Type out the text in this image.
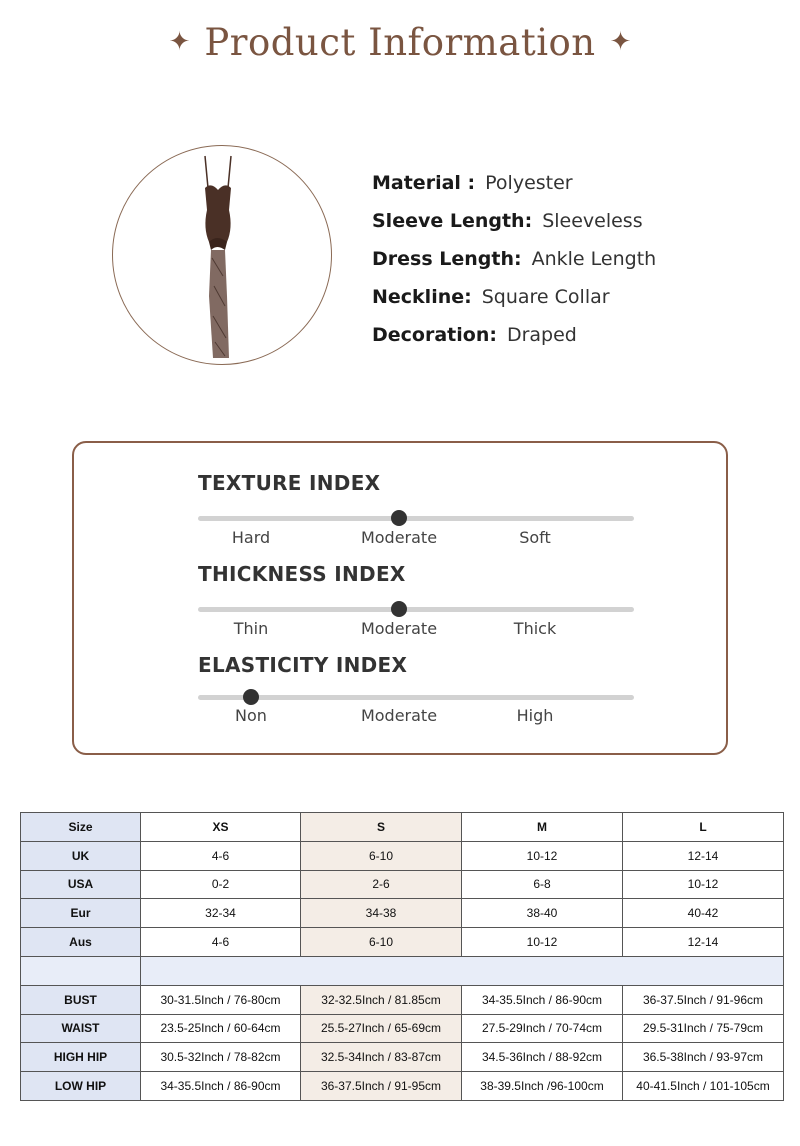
✦ Product Information ✦
Material : Polyester
Sleeve Length: Sleeveless
Dress Length: Ankle Length
Neckline: Square Collar
Decoration: Draped
TEXTURE INDEX
Hard	Moderate	Soft
THICKNESS INDEX
Thin	Moderate	Thick
ELASTICITY INDEX
Non	Moderate	High
Size	XS	S	M	L
UK	4-6	6-10	10-12	12-14
USA	0-2	2-6	6-8	10-12
Eur	32-34	34-38	38-40	40-42
Aus	4-6	6-10	10-12	12-14

BUST	30-31.5Inch / 76-80cm	32-32.5Inch / 81.85cm	34-35.5Inch / 86-90cm	36-37.5Inch / 91-96cm
WAIST	23.5-25Inch / 60-64cm	25.5-27Inch / 65-69cm	27.5-29Inch / 70-74cm	29.5-31Inch / 75-79cm
HIGH HIP	30.5-32Inch / 78-82cm	32.5-34Inch / 83-87cm	34.5-36Inch / 88-92cm	36.5-38Inch / 93-97cm
LOW HIP	34-35.5Inch / 86-90cm	36-37.5Inch / 91-95cm	38-39.5Inch /96-100cm	40-41.5Inch / 101-105cm
